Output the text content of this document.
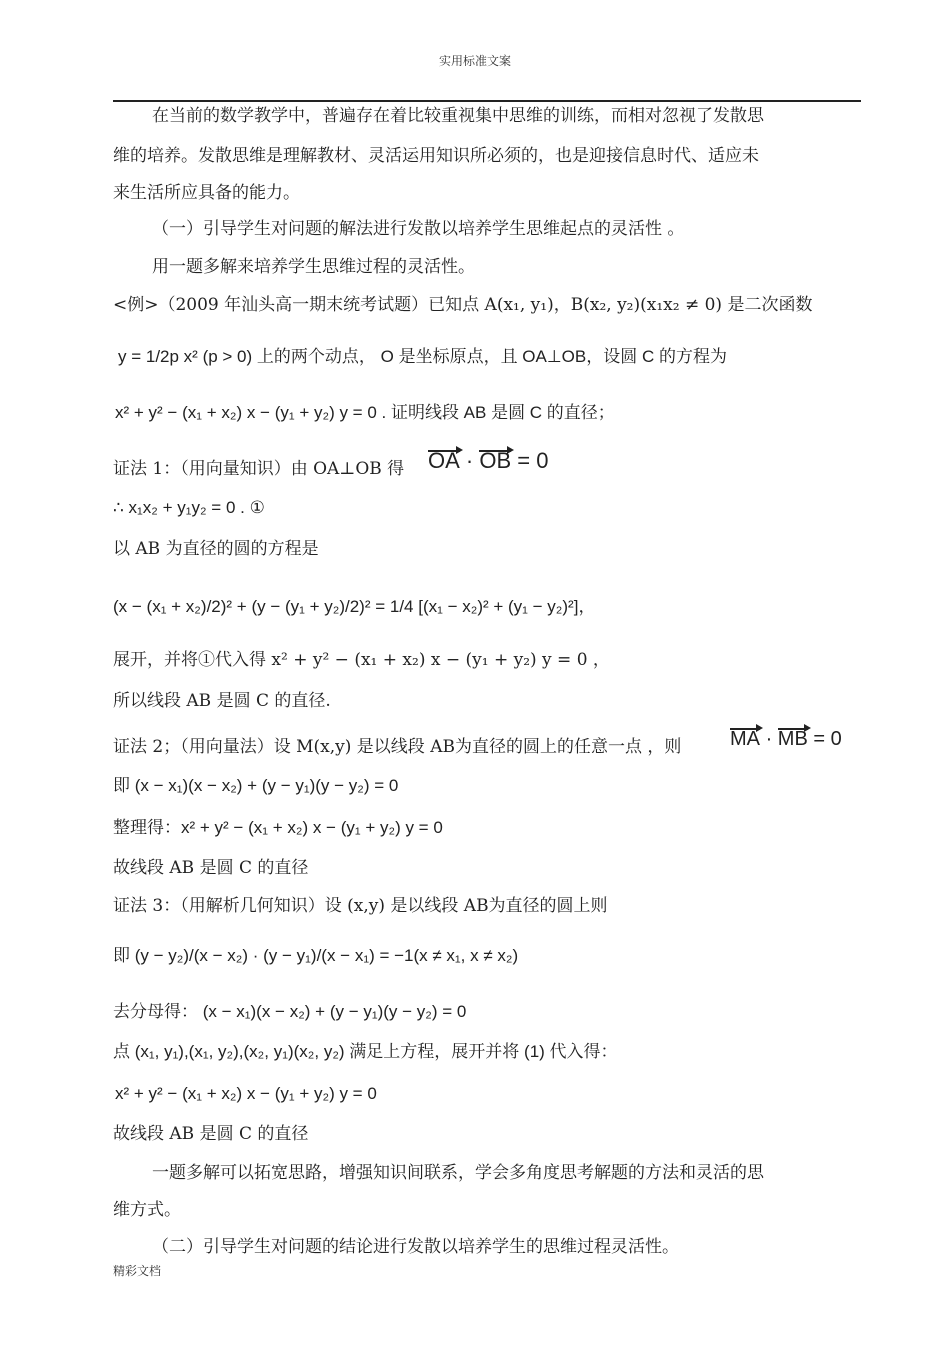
实用标准文案
在当前的数学教学中，普遍存在着比较重视集中思维的训练，而相对忽视了发散思
维的培养。发散思维是理解教材、灵活运用知识所必须的，也是迎接信息时代、适应未
来生活所应具备的能力。
（一）引导学生对问题的解法进行发散以培养学生思维起点的灵活性 。
用一题多解来培养学生思维过程的灵活性。
<例>（2009 年汕头高一期末统考试题）已知点 A(x₁, y₁)，B(x₂, y₂)(x₁x₂ ≠ 0) 是二次函数
y = 1/2p x² (p > 0) 上的两个动点， O 是坐标原点，且 OA⊥OB，设圆 C 的方程为
x² + y² − (x₁ + x₂) x − (y₁ + y₂) y = 0 . 证明线段 AB 是圆 C 的直径；
证法 1：（用向量知识）由 OA⊥OB 得 OA · OB = 0
∴ x₁x₂ + y₁y₂ = 0 . ①
以 AB 为直径的圆的方程是
(x − (x₁ + x₂)/2)² + (y − (y₁ + y₂)/2)² = 1/4 [(x₁ − x₂)² + (y₁ − y₂)²]，
展开，并将①代入得 x² + y² − (x₁ + x₂) x − (y₁ + y₂) y = 0 ，
所以线段 AB 是圆 C 的直径.
证法 2；（用向量法）设 M(x,y) 是以线段 AB为直径的圆上的任意一点 ，则 MA · MB = 0
即 (x − x₁)(x − x₂) + (y − y₁)(y − y₂) = 0
整理得：x² + y² − (x₁ + x₂) x − (y₁ + y₂) y = 0
故线段 AB 是圆 C 的直径
证法 3：（用解析几何知识）设 (x,y) 是以线段 AB为直径的圆上则
即 (y − y₂)/(x − x₂) · (y − y₁)/(x − x₁) = −1(x ≠ x₁, x ≠ x₂)
去分母得： (x − x₁)(x − x₂) + (y − y₁)(y − y₂) = 0
点 (x₁, y₁),(x₁, y₂),(x₂, y₁)(x₂, y₂) 满足上方程，展开并将 (1) 代入得：
x² + y² − (x₁ + x₂) x − (y₁ + y₂) y = 0
故线段 AB 是圆 C 的直径
一题多解可以拓宽思路，增强知识间联系，学会多角度思考解题的方法和灵活的思
维方式。
（二）引导学生对问题的结论进行发散以培养学生的思维过程灵活性。
精彩文档
